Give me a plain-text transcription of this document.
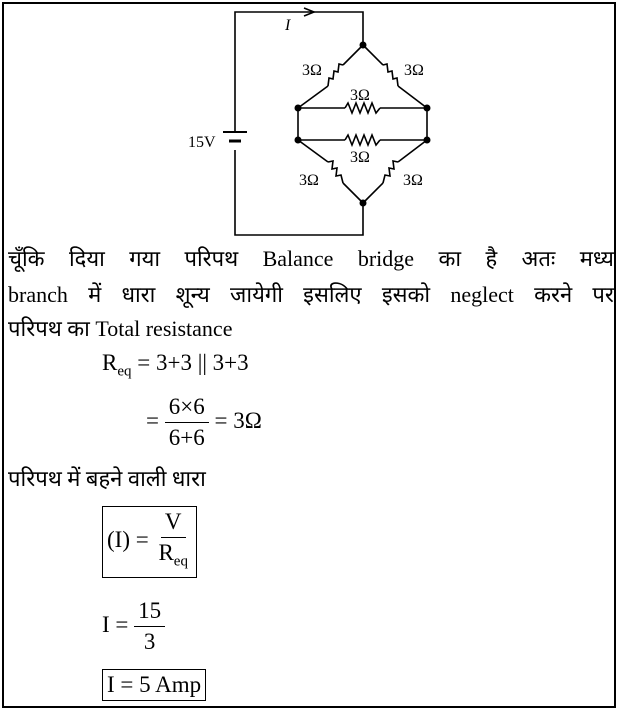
I
15V
3Ω	3Ω
3Ω
3Ω
3Ω	3Ω
चूँकि दिया गया परिपथ Balance bridge का है अतः मध्य
branch में धारा शून्य जायेगी इसलिए इसको neglect करने पर
परिपथ का Total resistance
$R_{eq} = 3+3$ || 3+3
= $\frac{6\times 6}{6+6} = 3\Omega$
परिपथ में बहने वाली धारा
$(I) = \frac{V}{R_{eq}}$
$I = \frac{15}{3}$
I = 5 Amp
